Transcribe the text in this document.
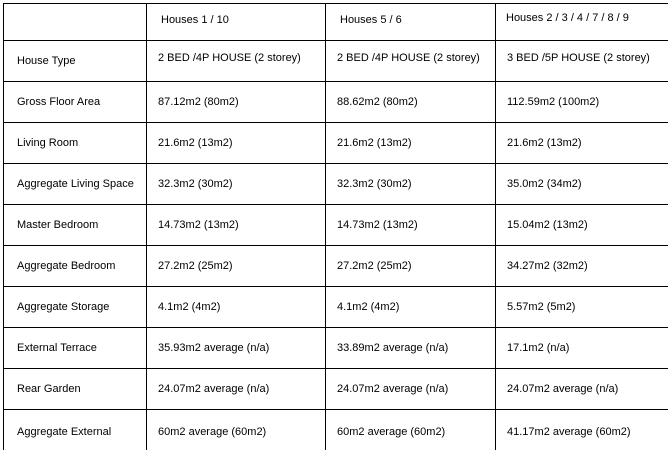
	Houses 1 / 10	Houses 5 / 6	Houses 2 / 3 / 4 / 7 / 8 / 9
House Type	2 BED /4P HOUSE (2 storey)	2 BED /4P HOUSE (2 storey)	3 BED /5P HOUSE (2 storey)
Gross Floor Area	87.12m2 (80m2)	88.62m2 (80m2)	112.59m2 (100m2)
Living Room	21.6m2 (13m2)	21.6m2 (13m2)	21.6m2 (13m2)
Aggregate Living Space	32.3m2 (30m2)	32.3m2 (30m2)	35.0m2 (34m2)
Master Bedroom	14.73m2 (13m2)	14.73m2 (13m2)	15.04m2 (13m2)
Aggregate Bedroom	27.2m2 (25m2)	27.2m2 (25m2)	34.27m2 (32m2)
Aggregate Storage	4.1m2 (4m2)	4.1m2 (4m2)	5.57m2 (5m2)
External Terrace	35.93m2 average (n/a)	33.89m2 average (n/a)	17.1m2 (n/a)
Rear Garden	24.07m2 average (n/a)	24.07m2 average (n/a)	24.07m2 average (n/a)
Aggregate External	60m2 average (60m2)	60m2 average (60m2)	41.17m2 average (60m2)
